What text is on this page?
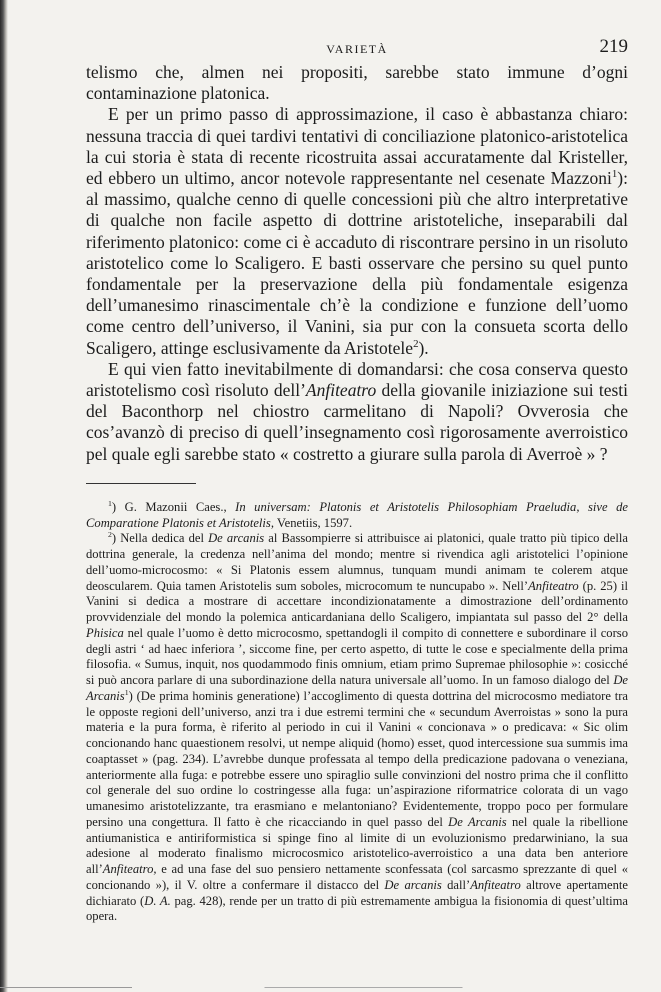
VARIETÀ	219

telismo che, almen nei propositi, sarebbe stato immune d’ogni contaminazione platonica.

E per un primo passo di approssimazione, il caso è abbastanza chiaro: nessuna traccia di quei tardivi tentativi di conciliazione platonico-aristotelica la cui storia è stata di recente ricostruita assai accuratamente dal Kristeller, ed ebbero un ultimo, ancor notevole rappresentante nel cesenate Mazzoni$^1$): al massimo, qualche cenno di quelle concessioni più che altro interpretative di qualche non facile aspetto di dottrine aristoteliche, inseparabili dal riferimento platonico: come ci è accaduto di riscontrare persino in un risoluto aristotelico come lo Scaligero. E basti osservare che persino su quel punto fondamentale per la preservazione della più fondamentale esigenza dell’umanesimo rinascimentale ch’è la condizione e funzione dell’uomo come centro dell’universo, il Vanini, sia pur con la consueta scorta dello Scaligero, attinge esclusivamente da Aristotele$^2$).

E qui vien fatto inevitabilmente di domandarsi: che cosa conserva questo aristotelismo così risoluto dell’Anfiteatro della giovanile iniziazione sui testi del Baconthorp nel chiostro carmelitano di Napoli? Ovverosia che cos’avanzò di preciso di quell’insegnamento così rigorosamente averroistico pel quale egli sarebbe stato « costretto a giurare sulla parola di Averroè » ?

$^1$) G. Mazonii Caes., In universam: Platonis et Aristotelis Philosophiam Praeludia, sive de Comparatione Platonis et Aristotelis, Venetiis, 1597.

$^2$) Nella dedica del De arcanis al Bassompierre si attribuisce ai platonici, quale tratto più tipico della dottrina generale, la credenza nell’anima del mondo; mentre si rivendica agli aristotelici l’opinione dell’uomo-microcosmo: « Si Platonis essem alumnus, tunquam mundi animam te colerem atque deoscularem. Quia tamen Aristotelis sum soboles, microcomum te nuncupabo ». Nell’Anfiteatro (p. 25) il Vanini si dedica a mostrare di accettare incondizionatamente a dimostrazione dell’ordinamento provvidenziale del mondo la polemica anticardaniana dello Scaligero, impiantata sul passo del 2° della Phisica nel quale l’uomo è detto microcosmo, spettandogli il compito di connettere e subordinare il corso degli astri ‘ ad haec inferiora ’, siccome fine, per certo aspetto, di tutte le cose e specialmente della prima filosofia. « Sumus, inquit, nos quodammodo finis omnium, etiam primo Supremae philosophie »: cosicché si può ancora parlare di una subordinazione della natura universale all’uomo. In un famoso dialogo del De Arcanis$^1$) (De prima hominis generatione) l’accoglimento di questa dottrina del microcosmo mediatore tra le opposte regioni dell’universo, anzi tra i due estremi termini che « secundum Averroistas » sono la pura materia e la pura forma, è riferito al periodo in cui il Vanini « concionava » o predicava: « Sic olim concionando hanc quaestionem resolvi, ut nempe aliquid (homo) esset, quod intercessione sua summis ima coaptasset » (pag. 234). L’avrebbe dunque professata al tempo della predicazione padovana o veneziana, anteriormente alla fuga: e potrebbe essere uno spiraglio sulle convinzioni del nostro prima che il conflitto col generale del suo ordine lo costringesse alla fuga: un’aspirazione riformatrice colorata di un vago umanesimo aristotelizzante, tra erasmiano e melantoniano? Evidentemente, troppo poco per formulare persino una congettura. Il fatto è che ricacciando in quel passo del De Arcanis nel quale la ribellione antiumanistica e antiriformistica si spinge fino al limite di un evoluzionismo predarwiniano, la sua adesione al moderato finalismo microcosmico aristotelico-averroistico a una data ben anteriore all’Anfiteatro, e ad una fase del suo pensiero nettamente sconfessata (col sarcasmo sprezzante di quel « concionando »), il V. oltre a confermare il distacco del De arcanis dall’Anfiteatro altrove apertamente dichiarato (D. A. pag. 428), rende per un tratto di più estremamente ambigua la fisionomia di quest’ultima opera.
